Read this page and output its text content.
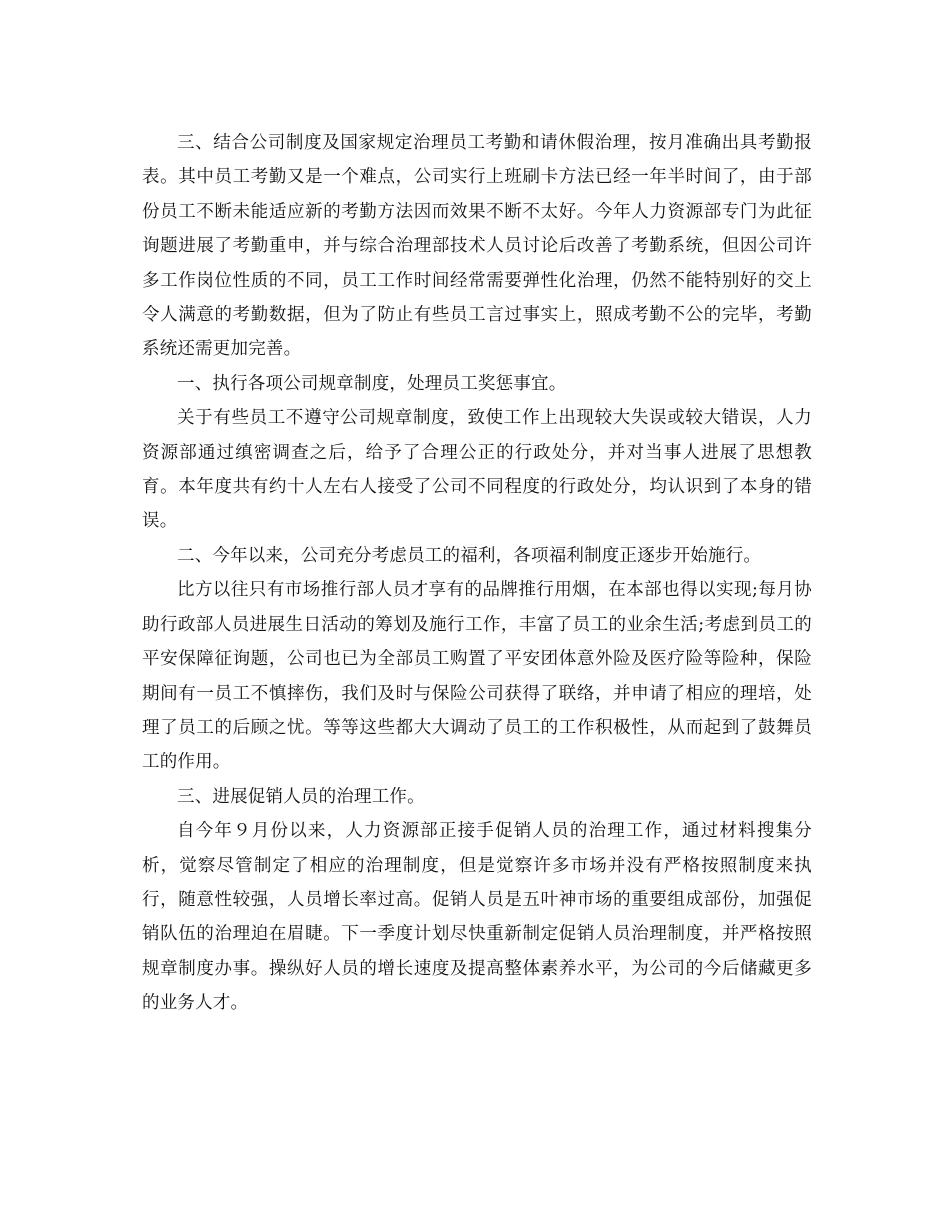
三、结合公司制度及国家规定治理员工考勤和请休假治理，按月准确出具考勤报表。其中员工考勤又是一个难点，公司实行上班刷卡方法已经一年半时间了，由于部份员工不断未能适应新的考勤方法因而效果不断不太好。今年人力资源部专门为此征询题进展了考勤重申，并与综合治理部技术人员讨论后改善了考勤系统，但因公司许多工作岗位性质的不同，员工工作时间经常需要弹性化治理，仍然不能特别好的交上令人满意的考勤数据，但为了防止有些员工言过事实上，照成考勤不公的完毕，考勤系统还需更加完善。

一、执行各项公司规章制度，处理员工奖惩事宜。

关于有些员工不遵守公司规章制度，致使工作上出现较大失误或较大错误，人力资源部通过缜密调查之后，给予了合理公正的行政处分，并对当事人进展了思想教育。本年度共有约十人左右人接受了公司不同程度的行政处分，均认识到了本身的错误。

二、今年以来，公司充分考虑员工的福利，各项福利制度正逐步开始施行。

比方以往只有市场推行部人员才享有的品牌推行用烟，在本部也得以实现;每月协助行政部人员进展生日活动的筹划及施行工作，丰富了员工的业余生活;考虑到员工的平安保障征询题，公司也已为全部员工购置了平安团体意外险及医疗险等险种，保险期间有一员工不慎摔伤，我们及时与保险公司获得了联络，并申请了相应的理培，处理了员工的后顾之忧。等等这些都大大调动了员工的工作积极性，从而起到了鼓舞员工的作用。

三、进展促销人员的治理工作。

自今年９月份以来，人力资源部正接手促销人员的治理工作，通过材料搜集分析，觉察尽管制定了相应的治理制度，但是觉察许多市场并没有严格按照制度来执行，随意性较强，人员增长率过高。促销人员是五叶神市场的重要组成部份，加强促销队伍的治理迫在眉睫。下一季度计划尽快重新制定促销人员治理制度，并严格按照规章制度办事。操纵好人员的增长速度及提高整体素养水平，为公司的今后储藏更多的业务人才。
